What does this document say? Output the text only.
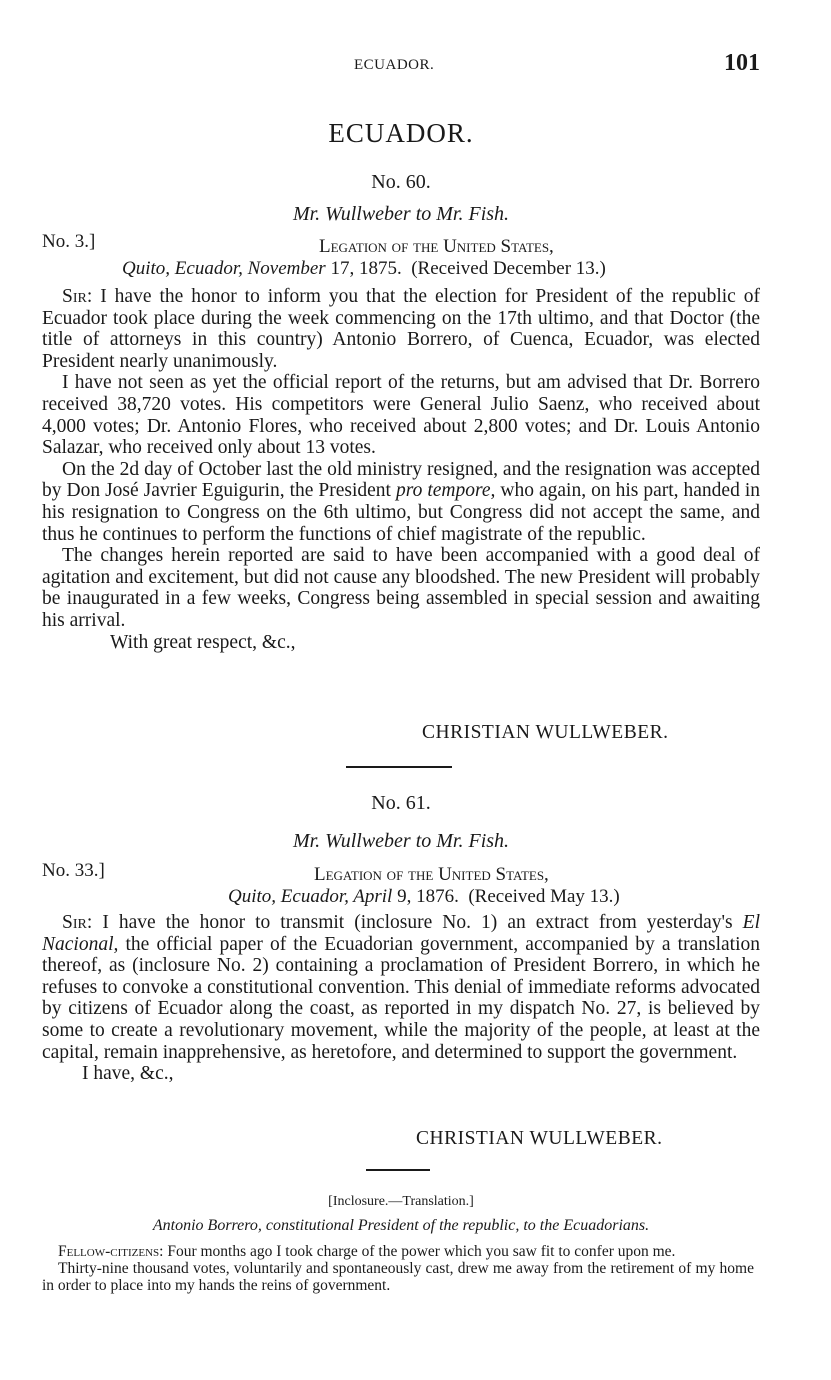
ECUADOR.	101
ECUADOR.
No. 60.
Mr. Wullweber to Mr. Fish.
No. 3.]	Legation of the United States,
Quito, Ecuador, November 17, 1875. (Received December 13.)

Sir: I have the honor to inform you that the election for President of the republic of Ecuador took place during the week commencing on the 17th ultimo, and that Doctor (the title of attorneys in this country) Antonio Borrero, of Cuenca, Ecuador, was elected President nearly unanimously.

I have not seen as yet the official report of the returns, but am advised that Dr. Borrero received 38,720 votes. His competitors were General Julio Saenz, who received about 4,000 votes; Dr. Antonio Flores, who received about 2,800 votes; and Dr. Louis Antonio Salazar, who received only about 13 votes.

On the 2d day of October last the old ministry resigned, and the resignation was accepted by Don José Javrier Eguigurin, the President pro tempore, who again, on his part, handed in his resignation to Congress on the 6th ultimo, but Congress did not accept the same, and thus he continues to perform the functions of chief magistrate of the republic.

The changes herein reported are said to have been accompanied with a good deal of agitation and excitement, but did not cause any bloodshed. The new President will probably be inaugurated in a few weeks, Congress being assembled in special session and awaiting his arrival.

With great respect, &c.,

CHRISTIAN WULLWEBER.
No. 61.
Mr. Wullweber to Mr. Fish.
No. 33.]	Legation of the United States,
Quito, Ecuador, April 9, 1876. (Received May 13.)

Sir: I have the honor to transmit (inclosure No. 1) an extract from yesterday's El Nacional, the official paper of the Ecuadorian government, accompanied by a translation thereof, as (inclosure No. 2) containing a proclamation of President Borrero, in which he refuses to convoke a constitutional convention. This denial of immediate reforms advocated by citizens of Ecuador along the coast, as reported in my dispatch No. 27, is believed by some to create a revolutionary movement, while the majority of the people, at least at the capital, remain inapprehensive, as heretofore, and determined to support the government.

I have, &c.,

CHRISTIAN WULLWEBER.
[Inclosure.—Translation.]
Antonio Borrero, constitutional President of the republic, to the Ecuadorians.

Fellow-citizens: Four months ago I took charge of the power which you saw fit to confer upon me.

Thirty-nine thousand votes, voluntarily and spontaneously cast, drew me away from the retirement of my home in order to place into my hands the reins of government.
